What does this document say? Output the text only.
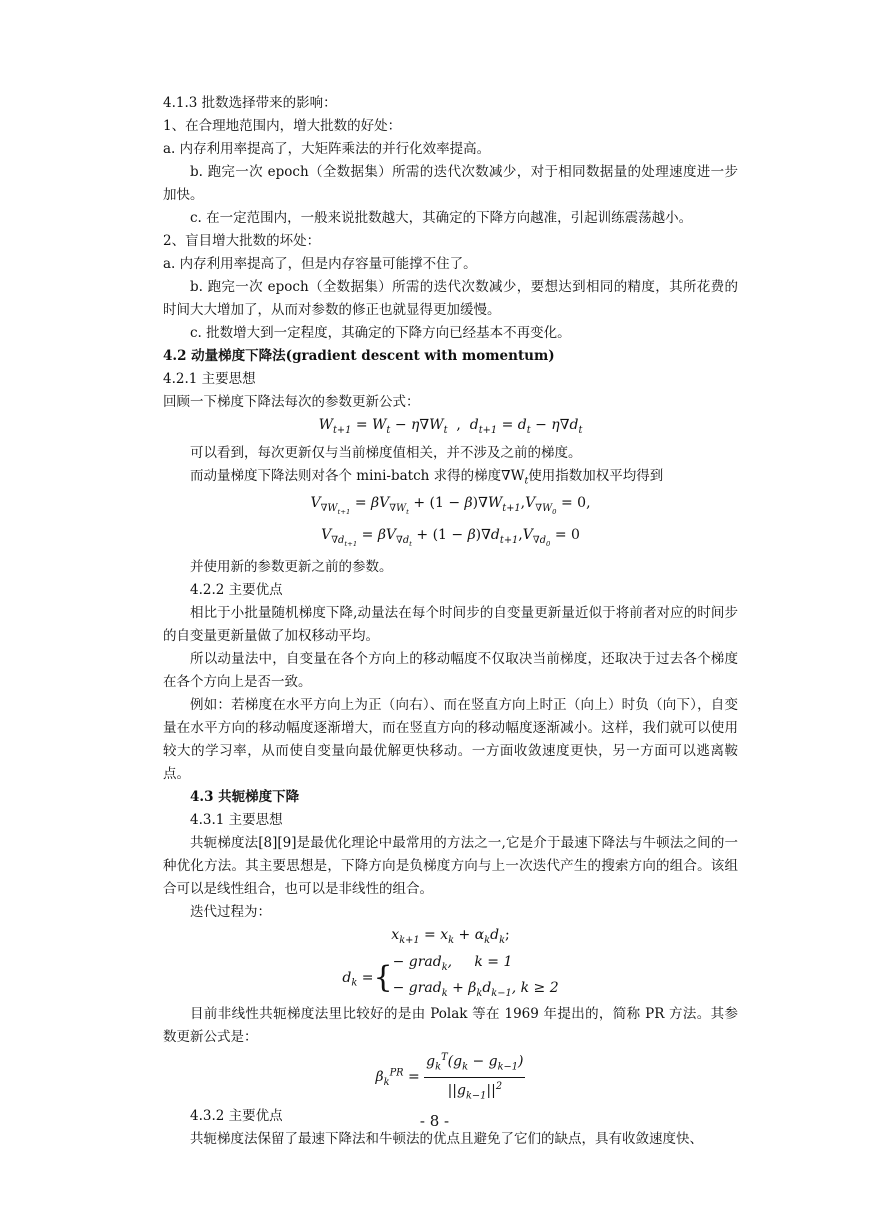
4.1.3 批数选择带来的影响：

1、在合理地范围内，增大批数的好处：

a. 内存利用率提高了，大矩阵乘法的并行化效率提高。

b. 跑完一次 epoch（全数据集）所需的迭代次数减少，对于相同数据量的处理速度进一步加快。

c. 在一定范围内，一般来说批数越大，其确定的下降方向越准，引起训练震荡越小。

2、盲目增大批数的坏处：

a. 内存利用率提高了，但是内存容量可能撑不住了。

b. 跑完一次 epoch（全数据集）所需的迭代次数减少，要想达到相同的精度，其所花费的时间大大增加了，从而对参数的修正也就显得更加缓慢。

c. 批数增大到一定程度，其确定的下降方向已经基本不再变化。

4.2 动量梯度下降法(gradient descent with momentum)

4.2.1 主要思想

回顾一下梯度下降法每次的参数更新公式：

$W_{t+1} = W_t - \eta\nabla W_t$ ,  $d_{t+1} = d_t - \eta\nabla d_t$

可以看到，每次更新仅与当前梯度值相关，并不涉及之前的梯度。

而动量梯度下降法则对各个 mini-batch 求得的梯度$\nabla W_t$使用指数加权平均得到

$V_{\nabla W_{t+1}} = \beta V_{\nabla W_t} + (1 - \beta)\nabla W_{t+1},V_{\nabla W_0} = 0$,

$V_{\nabla d_{t+1}} = \beta V_{\nabla d_t} + (1 - \beta)\nabla d_{t+1},V_{\nabla d_0} = 0$

并使用新的参数更新之前的参数。

4.2.2 主要优点

相比于小批量随机梯度下降,动量法在每个时间步的自变量更新量近似于将前者对应的时间步的自变量更新量做了加权移动平均。

所以动量法中，自变量在各个方向上的移动幅度不仅取决当前梯度，还取决于过去各个梯度在各个方向上是否一致。

例如：若梯度在水平方向上为正（向右）、而在竖直方向上时正（向上）时负（向下），自变量在水平方向的移动幅度逐渐增大，而在竖直方向的移动幅度逐渐减小。这样，我们就可以使用较大的学习率，从而使自变量向最优解更快移动。一方面收敛速度更快，另一方面可以逃离鞍点。

4.3 共轭梯度下降

4.3.1 主要思想

共轭梯度法[8][9]是最优化理论中最常用的方法之一,它是介于最速下降法与牛顿法之间的一种优化方法。其主要思想是，下降方向是负梯度方向与上一次迭代产生的搜索方向的组合。该组合可以是线性组合，也可以是非线性的组合。

迭代过程为：

$x_{k+1} = x_k + \alpha_kd_k$;

$d_k$ ={− grad$_k$,     k = 1
− grad$_k$ + $\beta_kd_{k-1}$, k ≥ 2

目前非线性共轭梯度法里比较好的是由 Polak 等在 1969 年提出的，简称 PR 方法。其参数更新公式是：

$\beta_k^{PR} = \frac{g_k^T(g_k - g_{k-1})}{||g_{k-1}||^2}$

4.3.2 主要优点

共轭梯度法保留了最速下降法和牛顿法的优点且避免了它们的缺点，具有收敛速度快、

- 8 -
